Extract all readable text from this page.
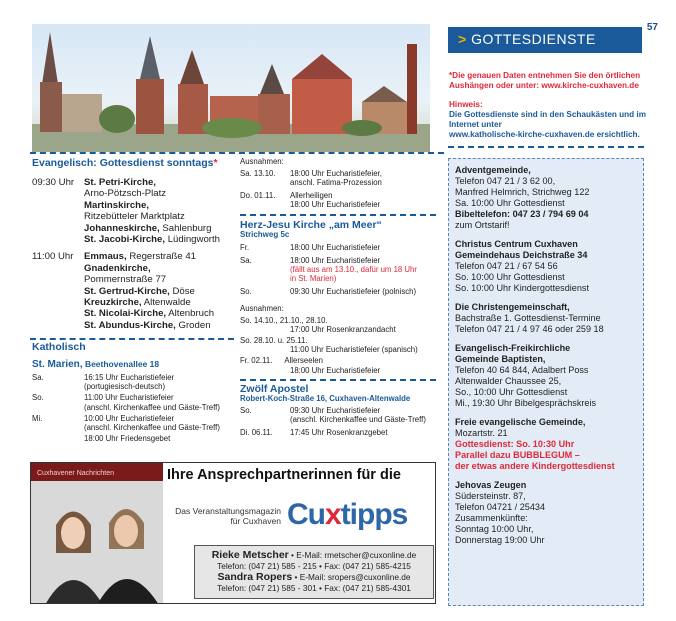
57
> GOTTESDIENSTE
*Die genauen Daten entnehmen Sie den örtlichen Aushängen oder unter: www.kirche-cuxhaven.de
Hinweis:
Die Gottesdienste sind in den Schaukästen und im Internet unter
www.katholische-kirche-cuxhaven.de ersichtlich.
Evangelisch: Gottesdienst sonntags*
09:30 Uhr	St. Petri-Kirche,
Arno-Pötzsch-Platz
Martinskirche,
Ritzebütteler Marktplatz
Johanneskirche, Sahlenburg
St. Jacobi-Kirche, Lüdingworth
11:00 Uhr	Emmaus, Regerstraße 41
Gnadenkirche,
Pommernstraße 77
St. Gertrud-Kirche, Döse
Kreuzkirche, Altenwalde
St. Nicolai-Kirche, Altenbruch
St. Abundus-Kirche, Groden
Katholisch
St. Marien, Beethovenallee 18
Sa.	16:15 Uhr Eucharistiefeier
(portugiesisch-deutsch)
So.	11:00 Uhr Eucharistiefeier
(anschl. Kirchenkaffee und Gäste-Treff)
Mi.	10:00 Uhr Eucharistiefeier
(anschl. Kirchenkaffee und Gäste-Treff)
18:00 Uhr Friedensgebet
Ausnahmen:
Sa. 13.10.	18:00 Uhr Eucharistiefeier,
anschl. Fatima-Prozession
Do. 01.11.	Allerheiligen
18:00 Uhr Eucharistiefeier
Herz-Jesu Kirche „am Meer“
Strichweg 5c
Fr.	18:00 Uhr Eucharistiefeier
Sa.	18:00 Uhr Eucharistiefeier
(fällt aus am 13.10., dafür um 18 Uhr
in St. Marien)
So.	09:30 Uhr Eucharistiefeier (polnisch)
Ausnahmen:
So. 14.10., 21.10., 28.10.
17:00 Uhr Rosenkranzandacht
So. 28.10. u. 25.11.
11:00 Uhr Eucharistiefeier (spanisch)
Fr. 02.11. Allerseelen
18:00 Uhr Eucharistiefeier
Zwölf Apostel
Robert-Koch-Straße 16, Cuxhaven-Altenwalde
So.	09:30 Uhr Eucharistiefeier
(anschl. Kirchenkaffee und Gäste-Treff)
Di. 06.11.	17:45 Uhr Rosenkranzgebet
Adventgemeinde,
Telefon 047 21 / 3 62 00,
Manfred Helmrich, Strichweg 122
Sa. 10:00 Uhr Gottesdienst
Bibeltelefon: 047 23 / 794 69 04
zum Ortstarif!
Christus Centrum Cuxhaven
Gemeindehaus Deichstraße 34
Telefon 047 21 / 67 54 56
So. 10:00 Uhr Gottesdienst
So. 10:00 Uhr Kindergottesdienst
Die Christengemeinschaft,
Bachstraße 1. Gottesdienst-Termine
Telefon 047 21 / 4 97 46 oder 259 18
Evangelisch-Freikirchliche
Gemeinde Baptisten,
Telefon 40 64 844, Adalbert Poss
Altenwalder Chaussee 25,
So., 10:00 Uhr Gottesdienst
Mi., 19:30 Uhr Bibelgesprächskreis
Freie evangelische Gemeinde,
Mozartstr. 21
Gottesdienst: So. 10:30 Uhr
Parallel dazu BUBBLEGUM –
der etwas andere Kindergottesdienst
Jehovas Zeugen
Südersteinstr. 87,
Telefon 04721 / 25434
Zusammenkünfte:
Sonntag 10:00 Uhr,
Donnerstag 19:00 Uhr
Cuxhavener Nachrichten	Ihre Ansprechpartnerinnen für die
Das Veranstaltungsmagazin
für Cuxhaven Cuxtipps
Rieke Metscher • E-Mail: rmetscher@cuxonline.de
Telefon: (047 21) 585 - 215 • Fax: (047 21) 585-4215
Sandra Ropers • E-Mail: sropers@cuxonline.de
Telefon: (047 21) 585 - 301 • Fax: (047 21) 585-4301
